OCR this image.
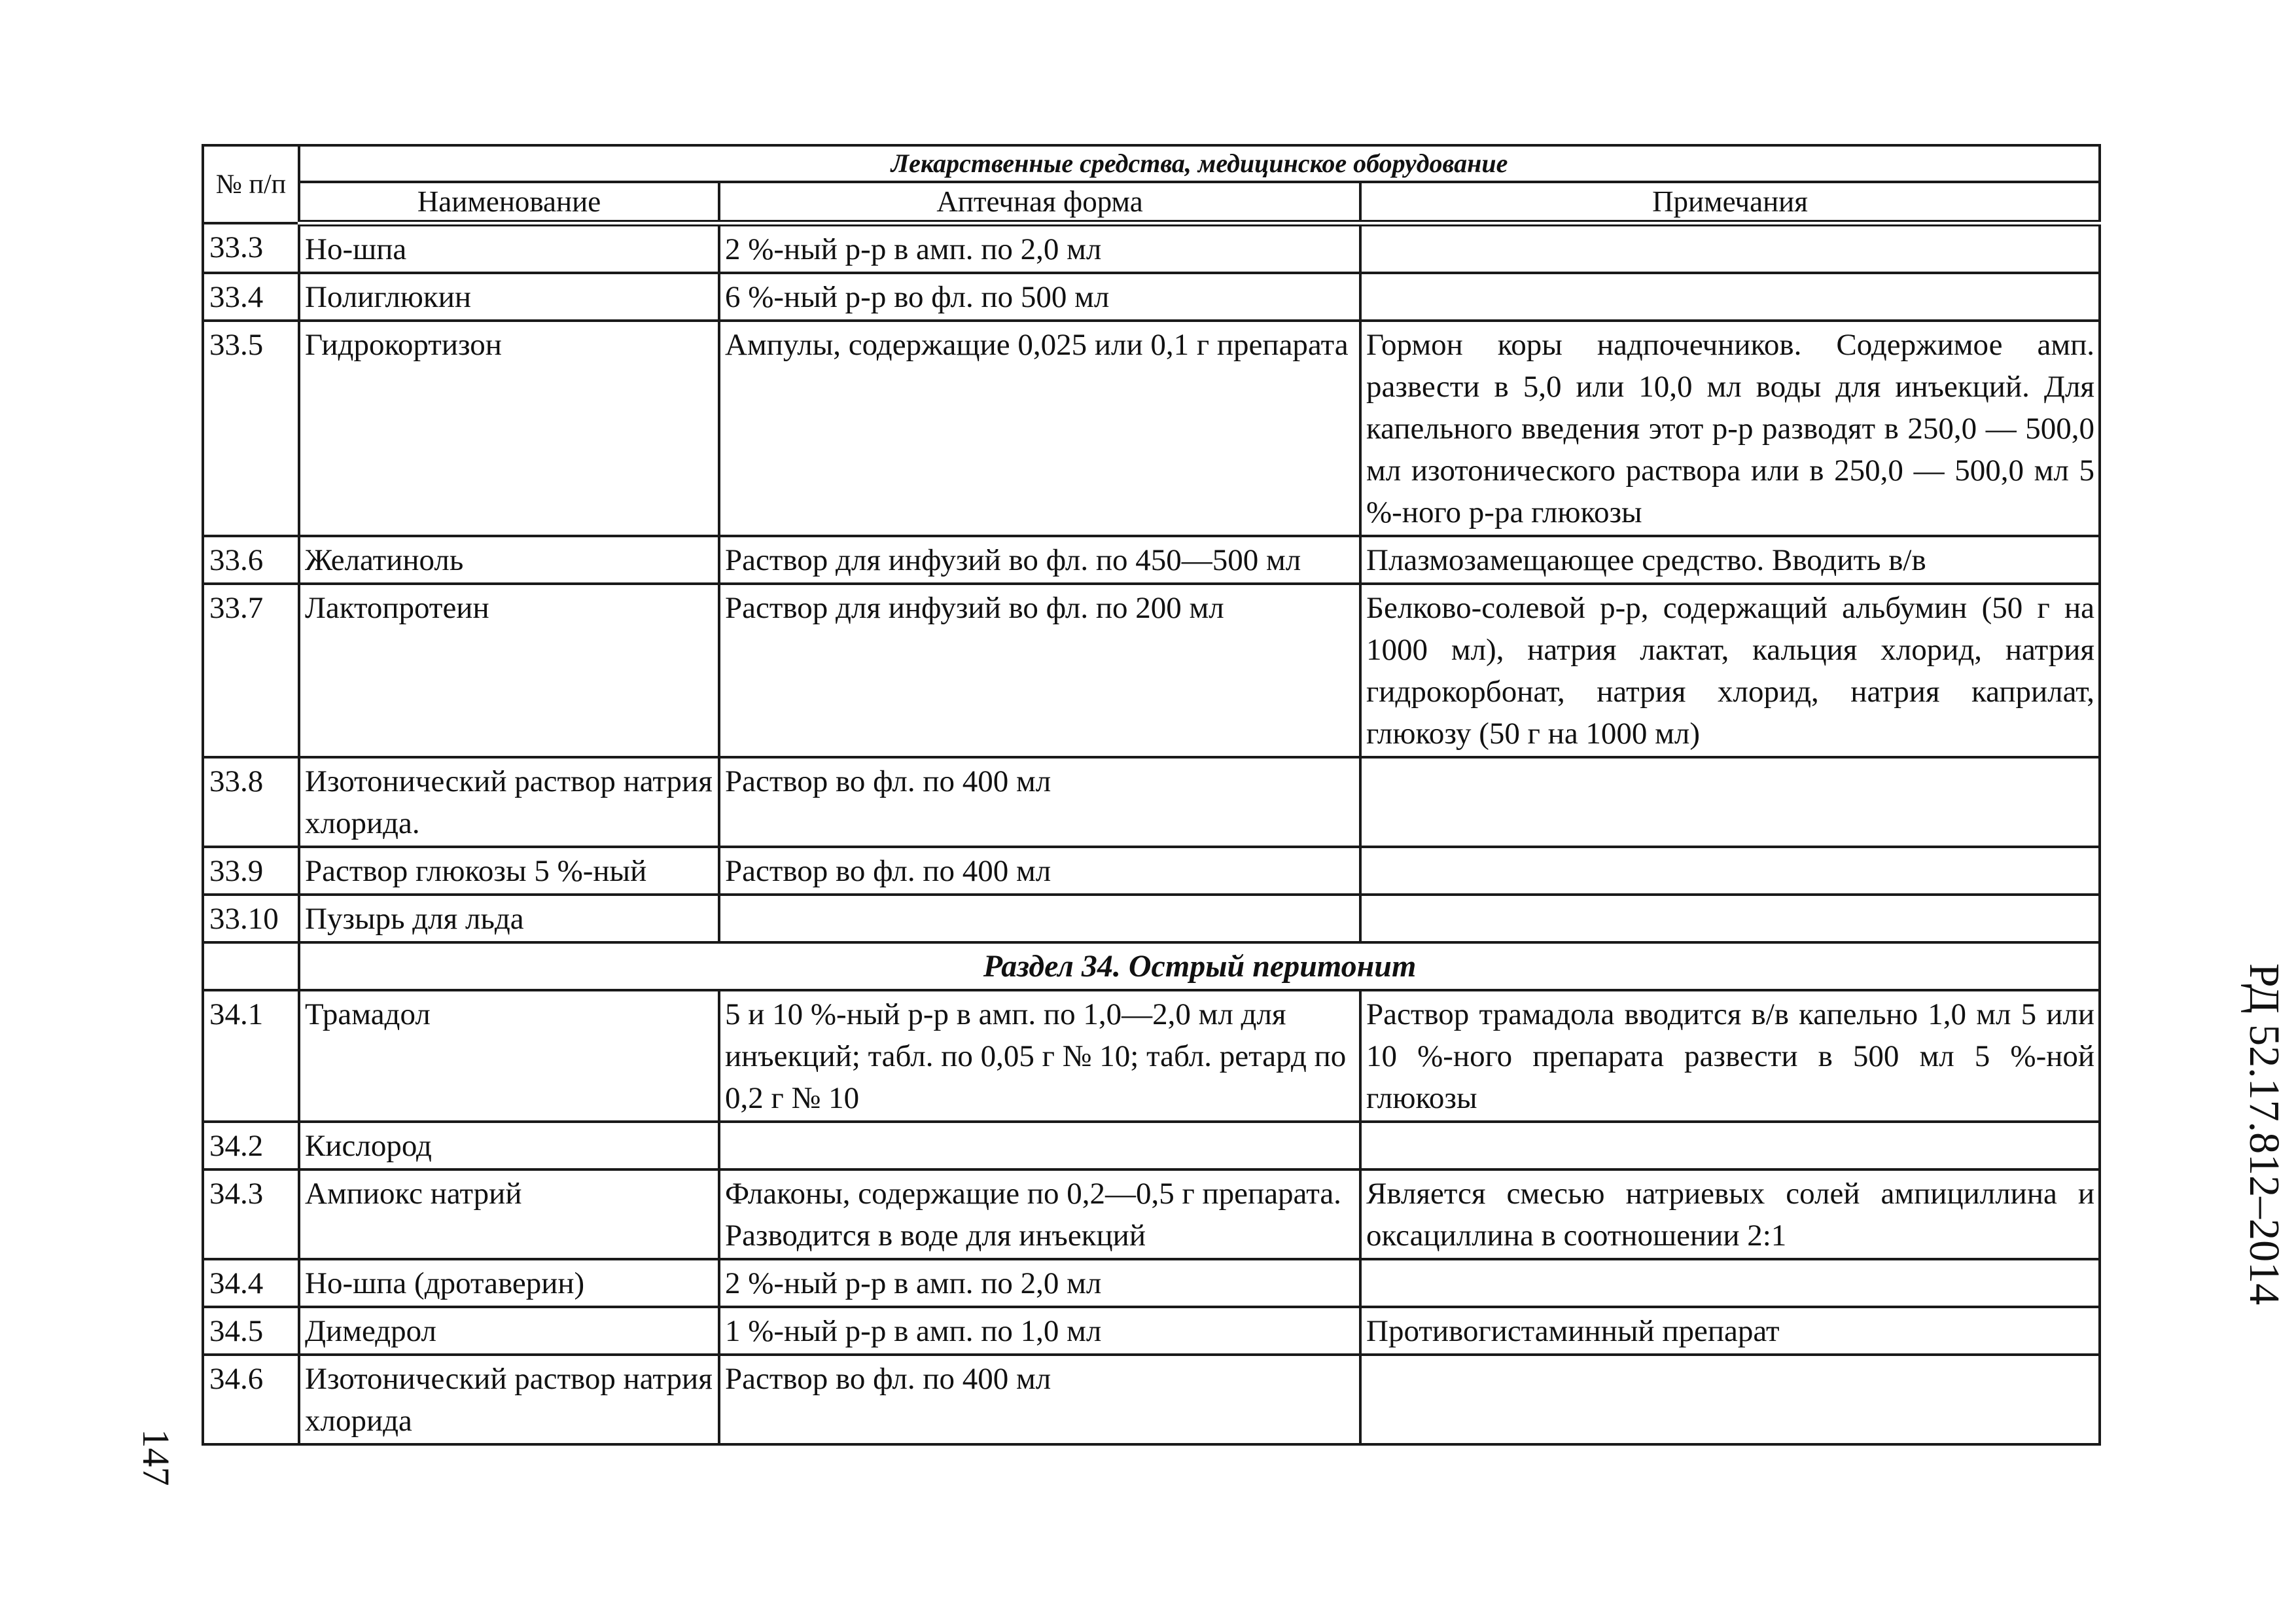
№ п/п	Лекарственные средства, медицинское оборудование		
	Наименование	Аптечная форма	Примечания
33.3	Но-шпа	2 %-ный р-р в амп. по 2,0 мл	
33.4	Полиглюкин	6 %-ный р-р во фл. по 500 мл	
33.5	Гидрокортизон	Ампулы, содержащие 0,025 или 0,1 г препарата	Гормон коры надпочечников. Содержимое амп. развести в 5,0 или 10,0 мл воды для инъекций. Для капельного введения этот р-р разводят в 250,0 — 500,0 мл изотонического раствора или в 250,0 — 500,0 мл 5 %-ного р-ра глюкозы
33.6	Желатиноль	Раствор для инфузий во фл. по 450—500 мл	Плазмозамещающее средство. Вводить в/в
33.7	Лактопротеин	Раствор для инфузий во фл. по 200 мл	Белково-солевой р-р, содержащий альбумин (50 г на 1000 мл), натрия лактат, кальция хлорид, натрия гидрокорбонат, натрия хлорид, натрия каприлат, глюкозу (50 г на 1000 мл)
33.8	Изотонический раствор натрия хлорида.	Раствор во фл. по 400 мл	
33.9	Раствор глюкозы 5 %-ный	Раствор во фл. по 400 мл	
33.10	Пузырь для льда		
	Раздел 34. Острый перитонит		
34.1	Трамадол	5 и 10 %-ный р-р в амп. по 1,0—2,0 мл для инъекций; табл. по 0,05 г № 10; табл. ретард по 0,2 г № 10	Раствор трамадола вводится в/в капельно 1,0 мл 5 или 10 %-ного препарата развести в 500 мл 5 %-ной глюкозы
34.2	Кислород		
34.3	Ампиокс натрий	Флаконы, содержащие по 0,2—0,5 г препарата. Разводится в воде для инъекций	Является смесью натриевых солей ампициллина и оксациллина в соотношении 2:1
34.4	Но-шпа (дротаверин)	2 %-ный р-р в амп. по 2,0 мл	
34.5	Димедрол	1 %-ный р-р в амп. по 1,0 мл	Противогистаминный препарат
34.6	Изотонический раствор натрия хлорида	Раствор во фл. по 400 мл	
РД 52.17.812–2014
147
